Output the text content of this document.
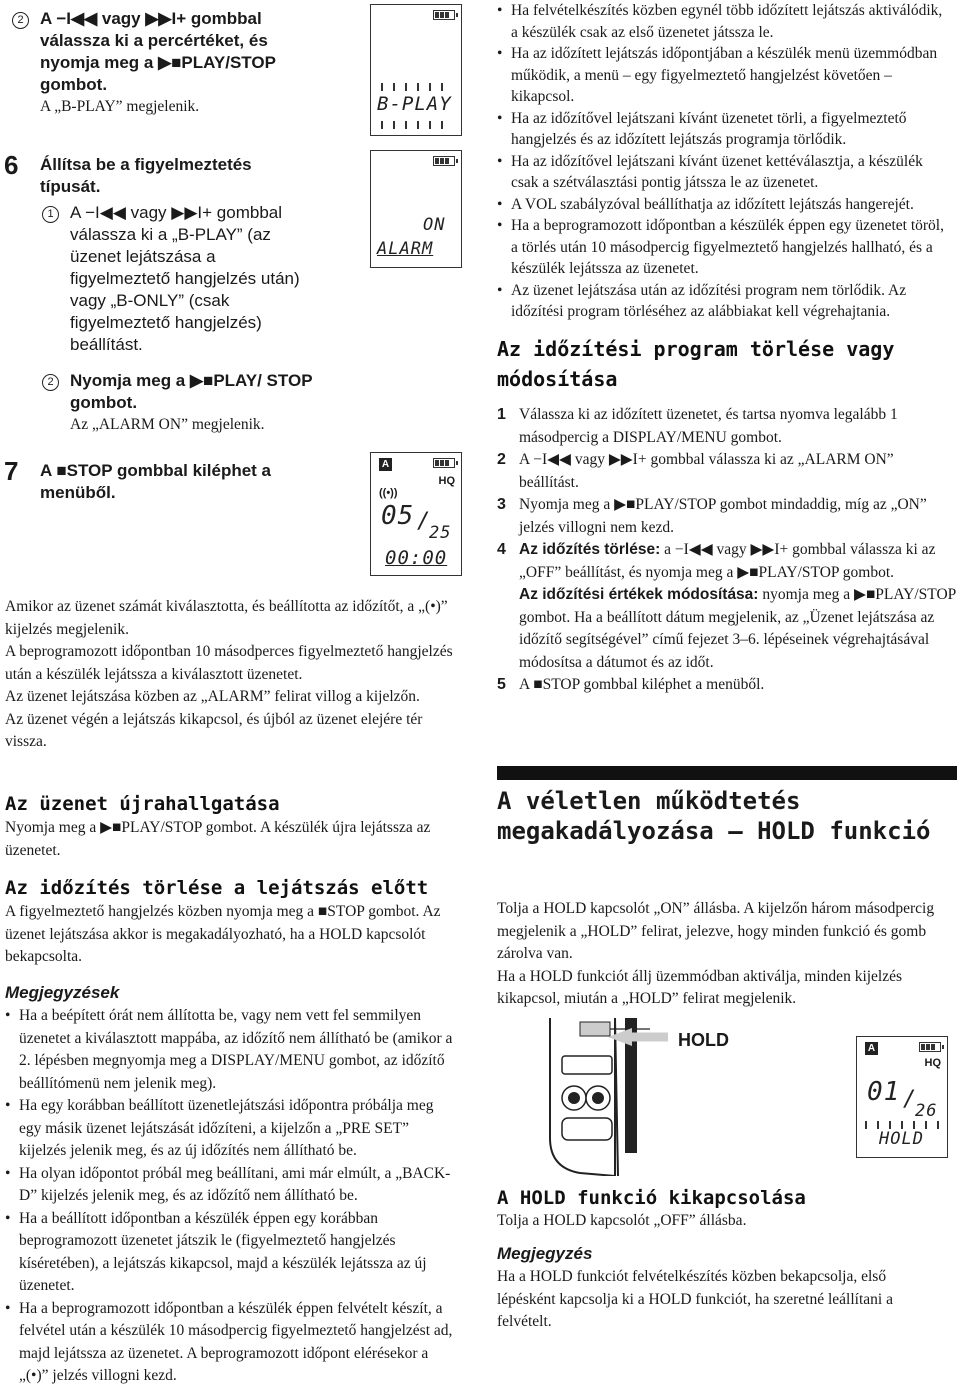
2 A −I◀◀ vagy ▶▶I+ gombbal válassza ki a percértéket, és nyomja meg a ▶■PLAY/STOP gombot.
A „B-PLAY” megjelenik.
6 Állítsa be a figyelmeztetés típusát.
1 A −I◀◀ vagy ▶▶I+ gombbal válassza ki a „B-PLAY” (az üzenet lejátszása a figyelmeztető hangjelzés után) vagy „B-ONLY” (csak figyelmeztető hangjelzés) beállítást.
2 Nyomja meg a ▶■PLAY/ STOP gombot.
Az „ALARM ON” megjelenik.
7 A ■STOP gombbal kiléphet a menüből.
Amikor az üzenet számát kiválasztotta, és beállította az időzítőt, a „(•)” kijelzés megjelenik.
A beprogramozott időpontban 10 másodperces figyelmeztető hangjelzés után a készülék lejátssza a kiválasztott üzenetet.
Az üzenet lejátszása közben az „ALARM” felirat villog a kijelzőn.
Az üzenet végén a lejátszás kikapcsol, és újból az üzenet elejére tér vissza.
Az üzenet újrahallgatása
Nyomja meg a ▶■PLAY/STOP gombot. A készülék újra lejátssza az üzenetet.
Az időzítés törlése a lejátszás előtt
A figyelmeztető hangjelzés közben nyomja meg a ■STOP gombot. Az üzenet lejátszása akkor is megakadályozható, ha a HOLD kapcsolót bekapcsolta.
Megjegyzések
• Ha a beépített órát nem állította be, vagy nem vett fel semmilyen üzenetet a kiválasztott mappába, az időzítő nem állítható be (amikor a 2. lépésben megnyomja meg a DISPLAY/MENU gombot, az időzítő beállítómenü nem jelenik meg).
• Ha egy korábban beállított üzenetlejátszási időpontra próbálja meg egy másik üzenet lejátszását időzíteni, a kijelzőn a „PRE SET” kijelzés jelenik meg, és az új időzítés nem állítható be.
• Ha olyan időpontot próbál meg beállítani, ami már elmúlt, a „BACK-D” kijelzés jelenik meg, és az időzítő nem állítható be.
• Ha a beállított időpontban a készülék éppen egy korábban beprogramozott üzenetet játszik le (figyelmeztető hangjelzés kíséretében), a lejátszás kikapcsol, majd a készülék lejátssza az új üzenetet.
• Ha a beprogramozott időpontban a készülék éppen felvételt készít, a felvétel után a készülék 10 másodpercig figyelmeztető hangjelzést ad, majd lejátssza az üzenetet. A beprogramozott időpont elérésekor a „(•)” jelzés villogni kezd.
B-PLAY
ON
ALARM
A
HQ
((•))
05 /
25
00:00
• Ha felvételkészítés közben egynél több időzített lejátszás aktiválódik, a készülék csak az első üzenetet játssza le.
• Ha az időzített lejátszás időpontjában a készülék menü üzemmódban működik, a menü – egy figyelmeztető hangjelzést követően – kikapcsol.
• Ha az időzítővel lejátszani kívánt üzenetet törli, a figyelmeztető hangjelzés és az időzített lejátszás programja törlődik.
• Ha az időzítővel lejátszani kívánt üzenet kettéválasztja, a készülék csak a szétválasztási pontig játssza le az üzenetet.
• A VOL szabályzóval beállíthatja az időzített lejátszás hangerejét.
• Ha a beprogramozott időpontban a készülék éppen egy üzenetet töröl, a törlés után 10 másodpercig figyelmeztető hangjelzés hallható, és a készülék lejátssza az üzenetet.
• Az üzenet lejátszása után az időzítési program nem törlődik. Az időzítési program törléséhez az alábbiakat kell végrehajtania.
Az időzítési program törlése vagy módosítása
1 Válassza ki az időzített üzenetet, és tartsa nyomva legalább 1 másodpercig a DISPLAY/MENU gombot.
2 A −I◀◀ vagy ▶▶I+ gombbal válassza ki az „ALARM ON” beállítást.
3 Nyomja meg a ▶■PLAY/STOP gombot mindaddig, míg az „ON” jelzés villogni nem kezd.
4 Az időzítés törlése: a −I◀◀ vagy ▶▶I+ gombbal válassza ki az „OFF” beállítást, és nyomja meg a ▶■PLAY/STOP gombot.
Az időzítési értékek módosítása: nyomja meg a ▶■PLAY/STOP gombot. Ha a beállított dátum megjelenik, az „Üzenet lejátszása az időzítő segítségével” című fejezet 3–6. lépéseinek végrehajtásával módosítsa a dátumot és az időt.
5 A ■STOP gombbal kiléphet a menüből.
A véletlen működtetés megakadályozása — HOLD funkció
Tolja a HOLD kapcsolót „ON” állásba. A kijelzőn három másodpercig megjelenik a „HOLD” felirat, jelezve, hogy minden funkció és gomb zárolva van.
Ha a HOLD funkciót állj üzemmódban aktiválja, minden kijelzés kikapcsol, miután a „HOLD” felirat megjelenik.
HOLD	A
HQ
01 /
26
HOLD
A HOLD funkció kikapcsolása
Tolja a HOLD kapcsolót „OFF” állásba.
Megjegyzés
Ha a HOLD funkciót felvételkészítés közben bekapcsolja, első lépésként kapcsolja ki a HOLD funkciót, ha szeretné leállítani a felvételt.
